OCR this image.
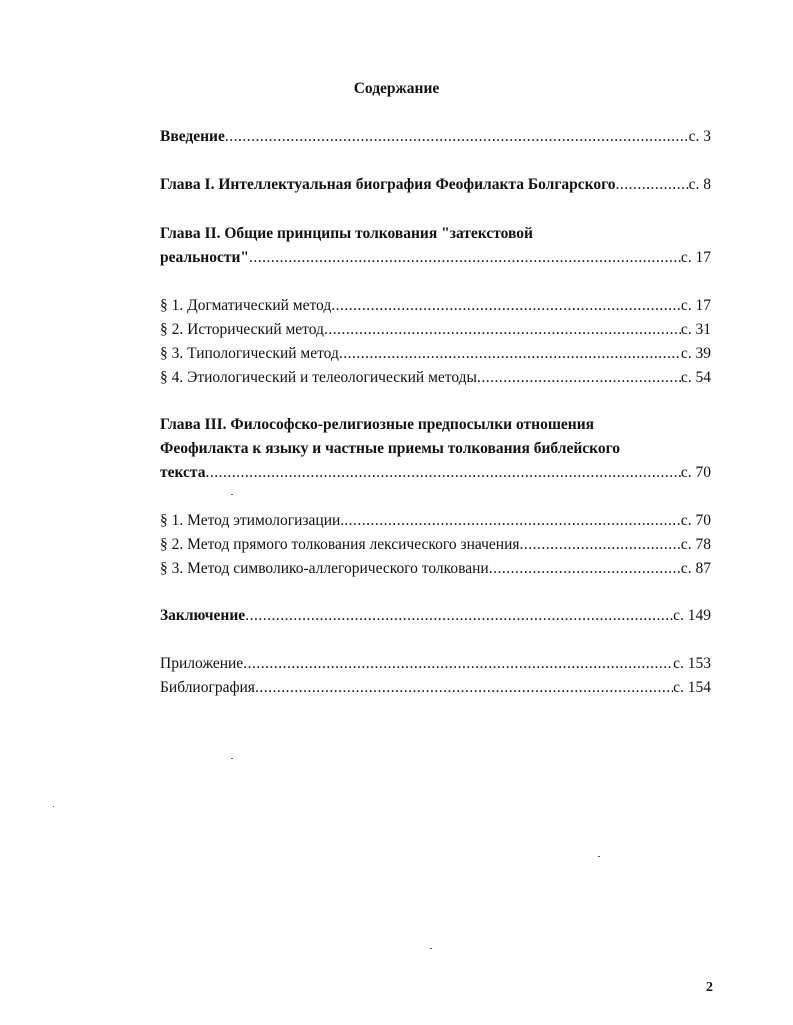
Содержание
Введение .....	с. 3
Глава I. Интеллектуальная биография Феофилакта Болгарского .....	с. 8
Глава II. Общие принципы толкования "затекстовой
реальности" .....	с. 17
§ 1. Догматический метод .....	с. 17
§ 2. Исторический метод .....	с. 31
§ 3. Типологический метод .....	с. 39
§ 4. Этиологический и телеологический методы .....	с. 54
Глава III. Философско-религиозные предпосылки отношения
Феофилакта к языку и частные приемы толкования библейского
текста .....	с. 70
§ 1. Метод этимологизации. .....	с. 70
§ 2. Метод прямого толкования лексического значения .....	с. 78
§ 3. Метод символико-аллегорического толковани .....	с. 87
Заключение .....	с. 149
Приложение .....	с. 153
Библиография .....	с. 154
2
